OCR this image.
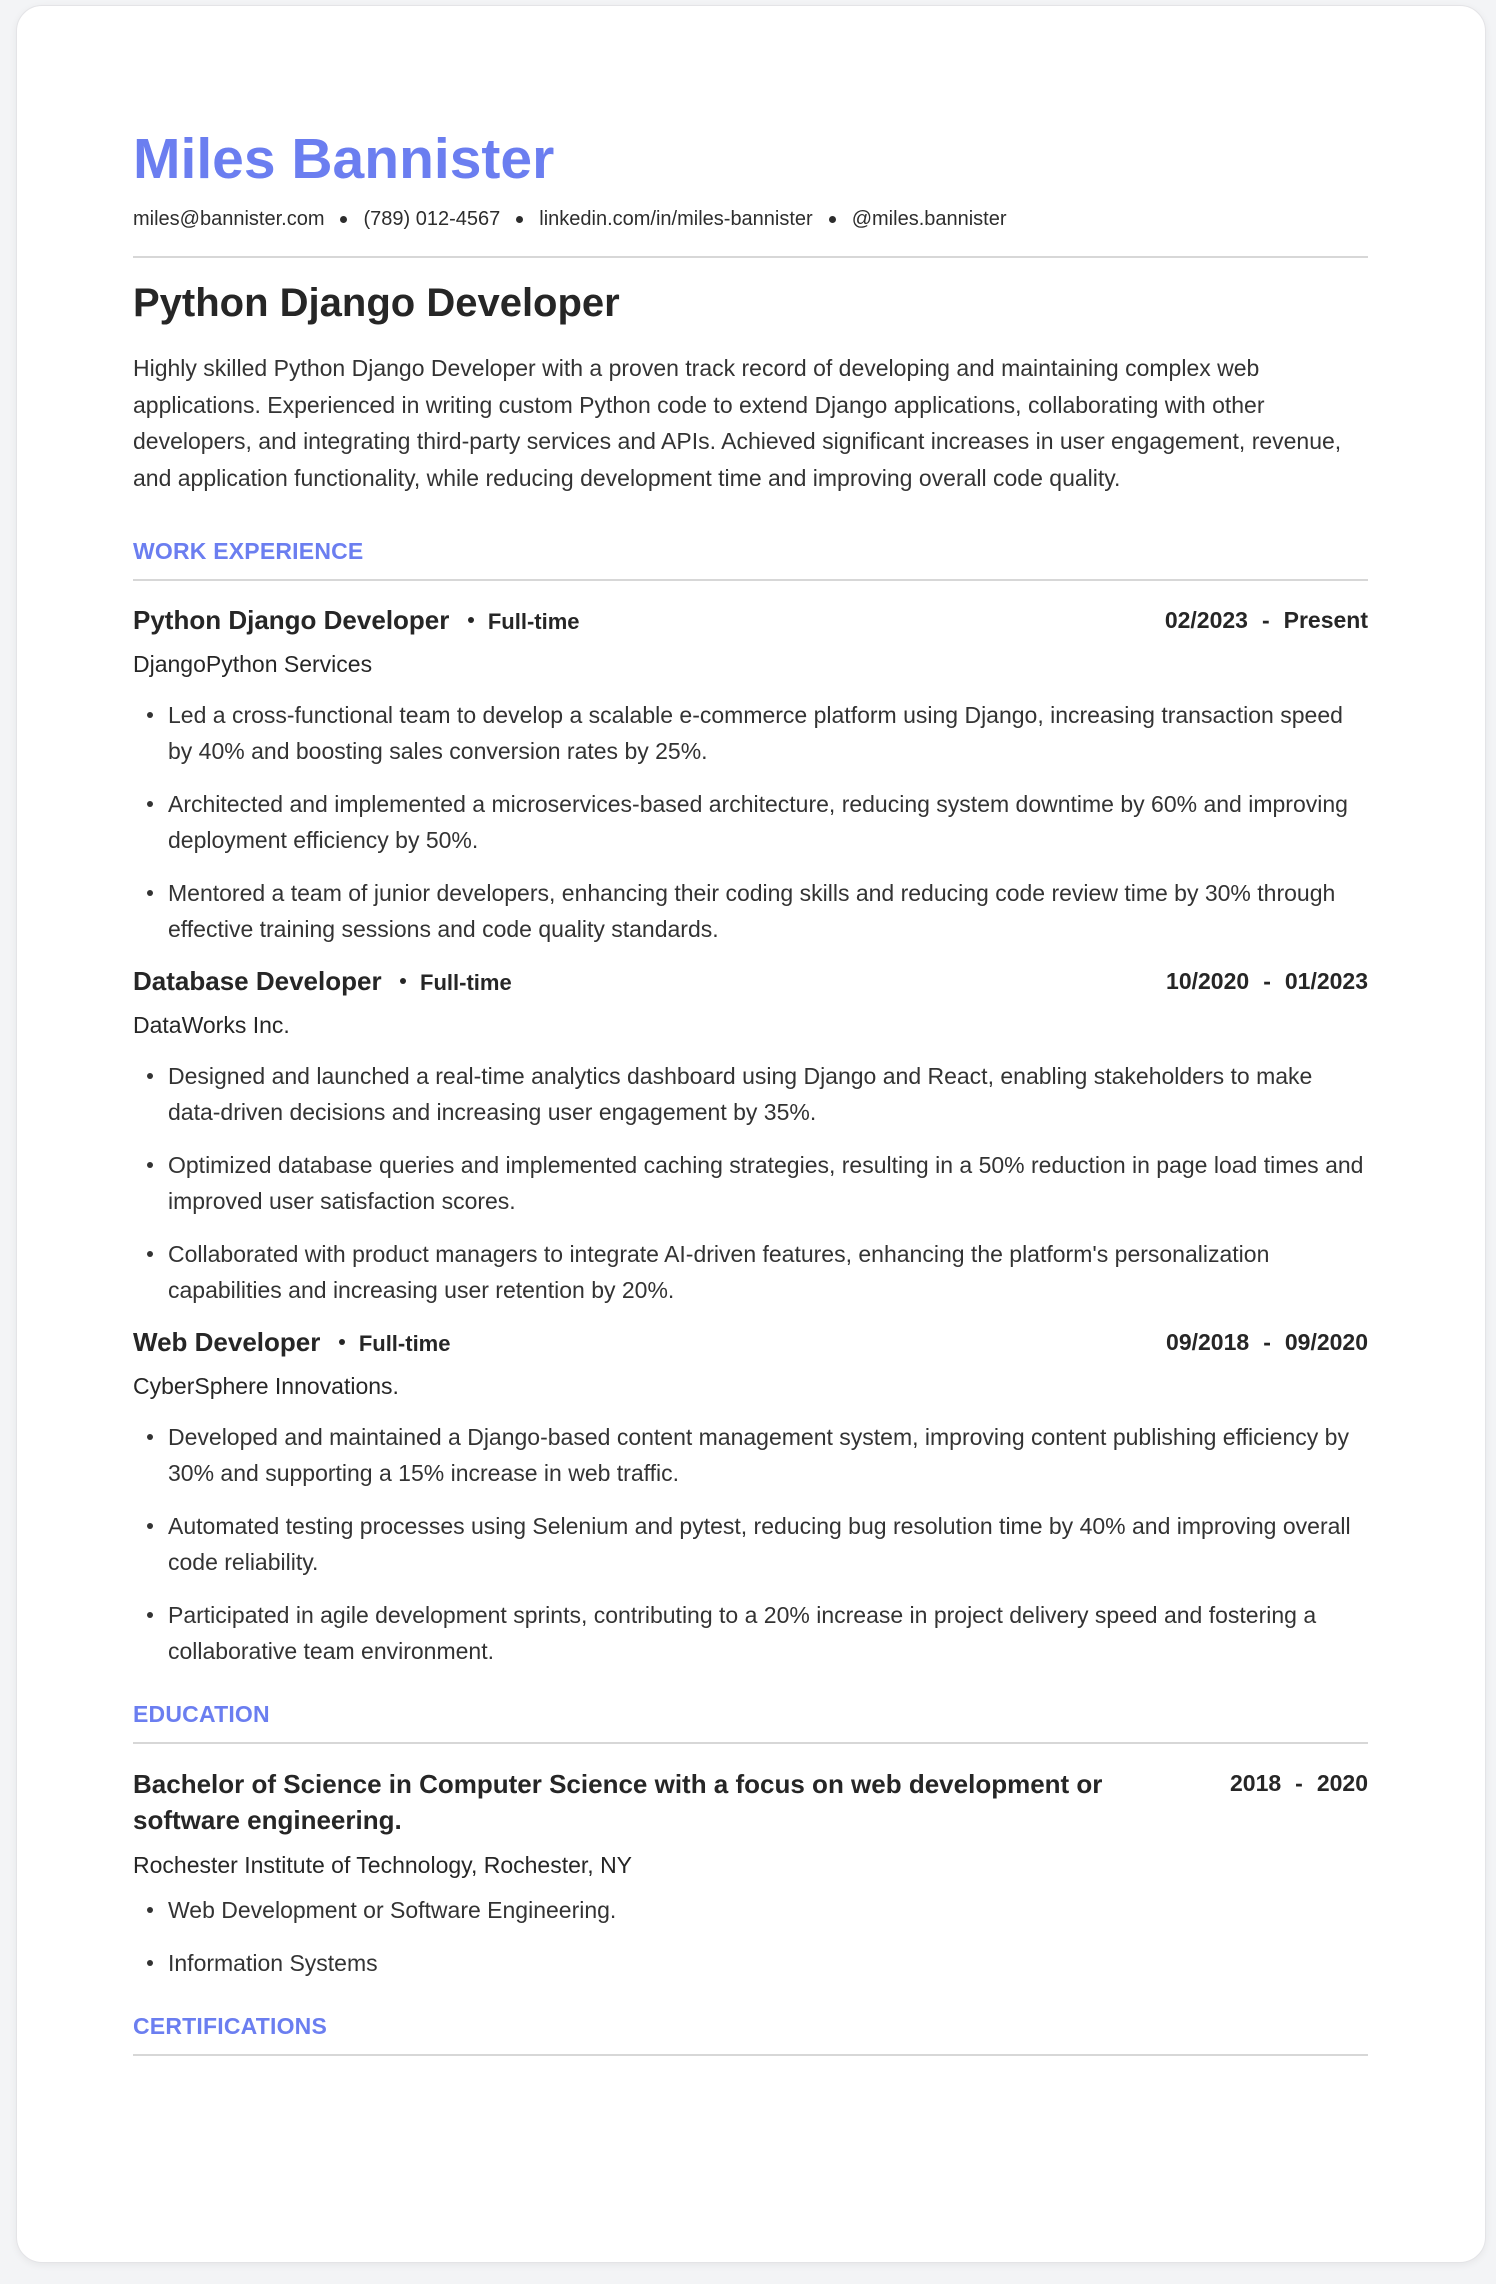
Miles Bannister
miles@bannister.com (789) 012-4567 linkedin.com/in/miles-bannister @miles.bannister
Python Django Developer

Highly skilled Python Django Developer with a proven track record of developing and maintaining complex web applications. Experienced in writing custom Python code to extend Django applications, collaborating with other developers, and integrating third-party services and APIs. Achieved significant increases in user engagement, revenue, and application functionality, while reducing development time and improving overall code quality.

WORK EXPERIENCE
Python Django Developer Full-time	02/2023 - Present
DjangoPython Services
Led a cross-functional team to develop a scalable e-commerce platform using Django, increasing transaction speed by 40% and boosting sales conversion rates by 25%.
Architected and implemented a microservices-based architecture, reducing system downtime by 60% and improving deployment efficiency by 50%.
Mentored a team of junior developers, enhancing their coding skills and reducing code review time by 30% through effective training sessions and code quality standards.
Database Developer Full-time	10/2020 - 01/2023
DataWorks Inc.
Designed and launched a real-time analytics dashboard using Django and React, enabling stakeholders to make data-driven decisions and increasing user engagement by 35%.
Optimized database queries and implemented caching strategies, resulting in a 50% reduction in page load times and improved user satisfaction scores.
Collaborated with product managers to integrate AI-driven features, enhancing the platform's personalization capabilities and increasing user retention by 20%.
Web Developer Full-time	09/2018 - 09/2020
CyberSphere Innovations.
Developed and maintained a Django-based content management system, improving content publishing efficiency by 30% and supporting a 15% increase in web traffic.
Automated testing processes using Selenium and pytest, reducing bug resolution time by 40% and improving overall code reliability.
Participated in agile development sprints, contributing to a 20% increase in project delivery speed and fostering a collaborative team environment.
EDUCATION
Bachelor of Science in Computer Science with a focus on web development or software engineering.
2018 - 2020
Rochester Institute of Technology, Rochester, NY
Web Development or Software Engineering.
Information Systems
CERTIFICATIONS
